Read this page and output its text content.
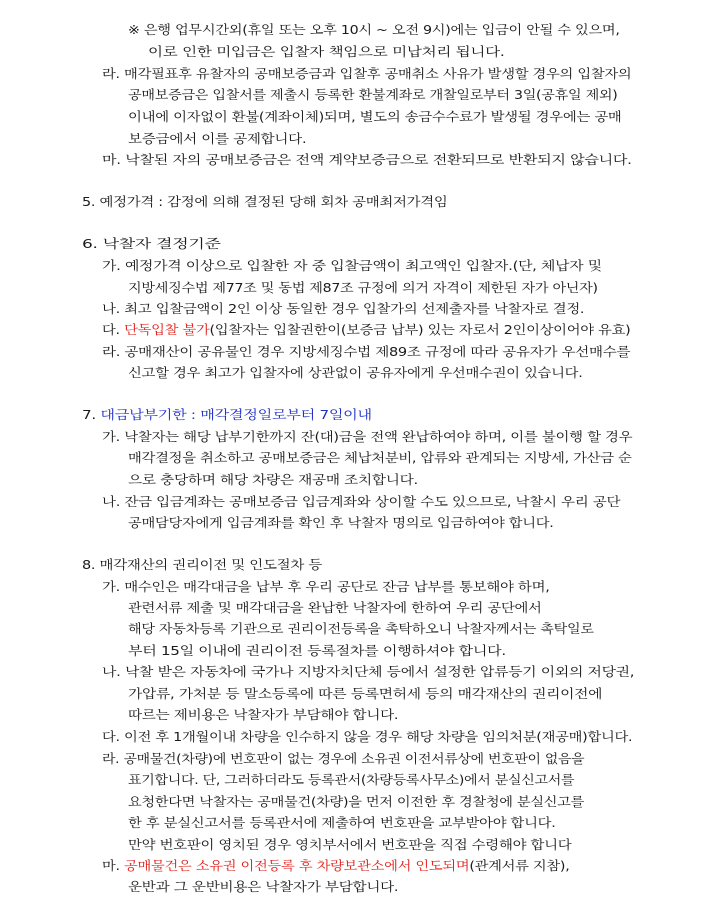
※ 은행 업무시간외(휴일 또는 오후 10시 ~ 오전 9시)에는 입금이 안될 수 있으며,
이로 인한 미입금은 입찰자 책임으로 미납처리 됩니다.
라. 매각필표후 유찰자의 공매보증금과 입찰후 공매취소 사유가 발생할 경우의 입찰자의
공매보증금은 입찰서를 제출시 등록한 환불계좌로 개찰일로부터 3일(공휴일 제외)
이내에 이자없이 환불(계좌이체)되며, 별도의 송금수수료가 발생될 경우에는 공매
보증금에서 이를 공제합니다.
마. 낙찰된 자의 공매보증금은 전액 계약보증금으로 전환되므로 반환되지 않습니다.
5. 예정가격 : 감정에 의해 결정된 당해 회차 공매최저가격임
6. 낙찰자 결정기준
가. 예정가격 이상으로 입찰한 자 중 입찰금액이 최고액인 입찰자.(단, 체납자 및
지방세징수법 제77조 및 동법 제87조 규정에 의거 자격이 제한된 자가 아닌자)
나. 최고 입찰금액이 2인 이상 동일한 경우 입찰가의 선제출자를 낙찰자로 결정.
다. 단독입찰 불가(입찰자는 입찰권한이(보증금 납부) 있는 자로서 2인이상이어야 유효)
라. 공매재산이 공유물인 경우 지방세징수법 제89조 규정에 따라 공유자가 우선매수를
신고할 경우 최고가 입찰자에 상관없이 공유자에게 우선매수권이 있습니다.
7. 대금납부기한 : 매각결정일로부터 7일이내
가. 낙찰자는 해당 납부기한까지 잔(대)금을 전액 완납하여야 하며, 이를 불이행 할 경우
매각결정을 취소하고 공매보증금은 체납처분비, 압류와 관계되는 지방세, 가산금 순
으로 충당하며 해당 차량은 재공매 조치합니다.
나. 잔금 입금계좌는 공매보증금 입금계좌와 상이할 수도 있으므로, 낙찰시 우리 공단
공매담당자에게 입금계좌를 확인 후 낙찰자 명의로 입금하여야 합니다.
8. 매각재산의 권리이전 및 인도절차 등
가. 매수인은 매각대금을 납부 후 우리 공단로 잔금 납부를 통보해야 하며,
관련서류 제출 및 매각대금을 완납한 낙찰자에 한하여 우리 공단에서
해당 자동차등록 기관으로 권리이전등록을 촉탁하오니 낙찰자께서는 촉탁일로
부터 15일 이내에 권리이전 등록절차를 이행하셔야 합니다.
나. 낙찰 받은 자동차에 국가나 지방자치단체 등에서 설정한 압류등기 이외의 저당권,
가압류, 가처분 등 말소등록에 따른 등록면허세 등의 매각재산의 권리이전에
따르는 제비용은 낙찰자가 부담해야 합니다.
다. 이전 후 1개월이내 차량을 인수하지 않을 경우 해당 차량을 임의처분(재공매)합니다.
라. 공매물건(차량)에 번호판이 없는 경우에 소유권 이전서류상에 번호판이 없음을
표기합니다. 단, 그러하더라도 등록관서(차량등록사무소)에서 분실신고서를
요청한다면 낙찰자는 공매물건(차량)을 먼저 이전한 후 경찰청에 분실신고를
한 후 분실신고서를 등록관서에 제출하여 번호판을 교부받아야 합니다.
만약 번호판이 영치된 경우 영치부서에서 번호판을 직접 수령해야 합니다
마. 공매물건은 소유권 이전등록 후 차량보관소에서 인도되며(관계서류 지참),
운반과 그 운반비용은 낙찰자가 부담합니다.
